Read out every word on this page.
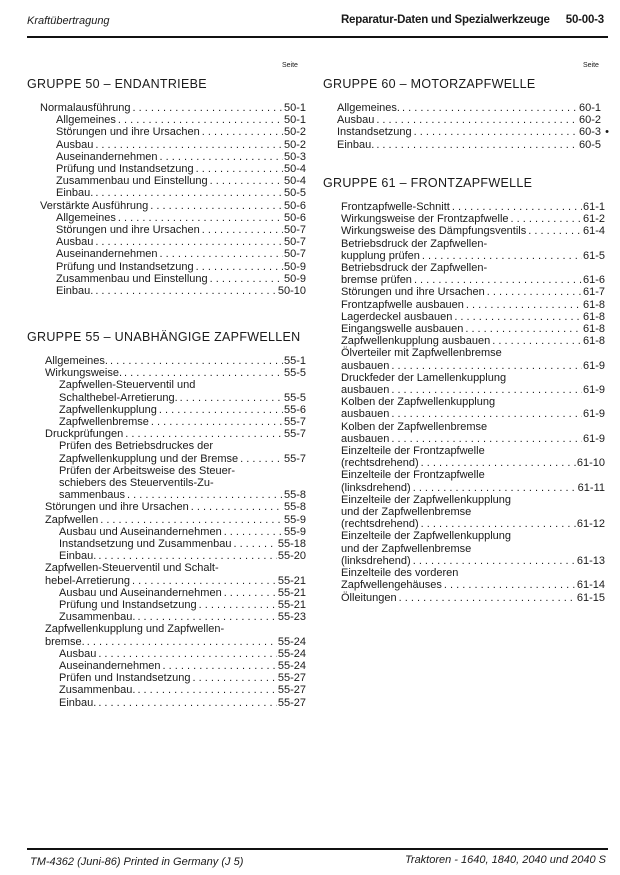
Kraftübertragung	Reparatur-Daten und Spezialwerkzeuge 50-00-3
Seite	Seite
GRUPPE 50 – ENDANTRIEBE
Normalausführung . . .	50-1
Allgemeines . . .	50-1
Störungen und ihre Ursachen . . .	50-2
Ausbau . . .	50-2
Auseinandernehmen . . .	50-3
Prüfung und Instandsetzung . . .	50-4
Zusammenbau und Einstellung . . .	50-4
Einbau. . . .	50-5
Verstärkte Ausführung . . .	50-6
Allgemeines . . .	50-6
Störungen und ihre Ursachen . . .	50-7
Ausbau . . .	50-7
Auseinandernehmen . . .	50-7
Prüfung und Instandsetzung . . .	50-9
Zusammenbau und Einstellung . . .	50-9
Einbau. . . .	50-10
GRUPPE 55 – UNABHÄNGIGE ZAPFWELLEN
Allgemeines. . . .	55-1
Wirkungsweise. . . .	55-5
Zapfwellen-Steuerventil und
Schalthebel-Arretierung. . . .	55-5
Zapfwellenkupplung . . .	55-6
Zapfwellenbremse . . .	55-7
Druckprüfungen . . .	55-7
Prüfen des Betriebsdruckes der
Zapfwellenkupplung und der Bremse . . .	55-7
Prüfen der Arbeitsweise des Steuer-
schiebers des Steuerventils-Zu-
sammenbaus . . .	55-8
Störungen und ihre Ursachen . . .	55-8
Zapfwellen . . .	55-9
Ausbau und Auseinandernehmen . . .	55-9
Instandsetzung und Zusammenbau . . .	55-18
Einbau. . . .	55-20
Zapfwellen-Steuerventil und Schalt-
hebel-Arretierung . . .	55-21
Ausbau und Auseinandernehmen . . .	55-21
Prüfung und Instandsetzung . . .	55-21
Zusammenbau. . . .	55-23
Zapfwellenkupplung und Zapfwellen-
bremse. . . .	55-24
Ausbau . . .	55-24
Auseinandernehmen . . .	55-24
Prüfen und Instandsetzung . . .	55-27
Zusammenbau. . . .	55-27
Einbau. . . .	55-27
GRUPPE 60 – MOTORZAPFWELLE
Allgemeines. . . .	60-1
Ausbau . . .	60-2
Instandsetzung . . .	60-3 •
Einbau. . . .	60-5
GRUPPE 61 – FRONTZAPFWELLE
Frontzapfwelle-Schnitt . . .	61-1
Wirkungsweise der Frontzapfwelle . . .	61-2
Wirkungsweise des Dämpfungsventils . . .	61-4
Betriebsdruck der Zapfwellen-
kupplung prüfen . . .	61-5
Betriebsdruck der Zapfwellen-
bremse prüfen . . .	61-6
Störungen und ihre Ursachen . . .	61-7
Frontzapfwelle ausbauen . . .	61-8
Lagerdeckel ausbauen . . .	61-8
Eingangswelle ausbauen . . .	61-8
Zapfwellenkupplung ausbauen . . .	61-8
Ölverteiler mit Zapfwellenbremse
ausbauen . . .	61-9
Druckfeder der Lamellenkupplung
ausbauen . . .	61-9
Kolben der Zapfwellenkupplung
ausbauen . . .	61-9
Kolben der Zapfwellenbremse
ausbauen . . .	61-9
Einzelteile der Frontzapfwelle
(rechtsdrehend) . . .	61-10
Einzelteile der Frontzapfwelle
(linksdrehend) . . .	61-11
Einzelteile der Zapfwellenkupplung
und der Zapfwellenbremse
(rechtsdrehend) . . .	61-12
Einzelteile der Zapfwellenkupplung
und der Zapfwellenbremse
(linksdrehend) . . .	61-13
Einzelteile des vorderen
Zapfwellengehäuses . . .	61-14
Ölleitungen . . .	61-15
TM-4362 (Juni-86) Printed in Germany (J 5)	Traktoren - 1640, 1840, 2040 und 2040 S
